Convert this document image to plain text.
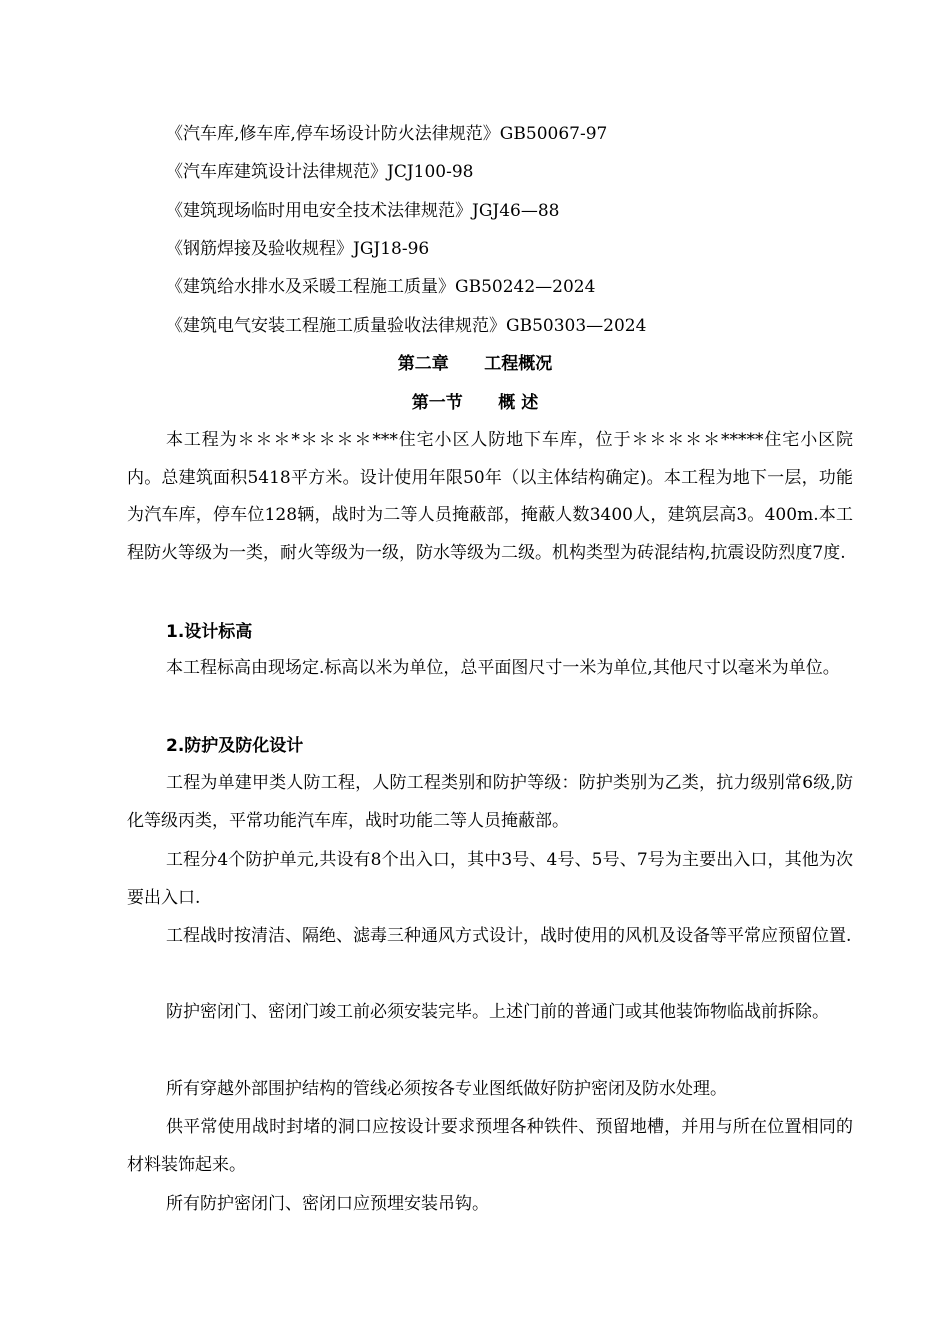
《汽车库,修车库,停车场设计防火法律规范》GB50067-97
《汽车库建筑设计法律规范》JCJ100-98
《建筑现场临时用电安全技术法律规范》JGJ46—88
《钢筋焊接及验收规程》JGJ18-96
《建筑给水排水及采暖工程施工质量》GB50242—2024
《建筑电气安装工程施工质量验收法律规范》GB50303—2024
第二章      工程概况
第一节      概 述

本工程为＊＊＊*＊＊＊＊***住宅小区人防地下车库，位于＊＊＊＊＊*****住宅小区院内。总建筑面积5418平方米。设计使用年限50年（以主体结构确定)。本工程为地下一层，功能为汽车库，停车位128辆，战时为二等人员掩蔽部，掩蔽人数3400人，建筑层高3。400m.本工程防火等级为一类，耐火等级为一级，防水等级为二级。机构类型为砖混结构,抗震设防烈度7度.

1.设计标高

本工程标高由现场定.标高以米为单位，总平面图尺寸一米为单位,其他尺寸以毫米为单位。

2.防护及防化设计

工程为单建甲类人防工程，人防工程类别和防护等级：防护类别为乙类，抗力级别常6级,防化等级丙类，平常功能汽车库，战时功能二等人员掩蔽部。

工程分4个防护单元,共设有8个出入口，其中3号、4号、5号、7号为主要出入口，其他为次要出入口.

工程战时按清洁、隔绝、滤毒三种通风方式设计，战时使用的风机及设备等平常应预留位置.

防护密闭门、密闭门竣工前必须安装完毕。上述门前的普通门或其他装饰物临战前拆除。

所有穿越外部围护结构的管线必须按各专业图纸做好防护密闭及防水处理。

供平常使用战时封堵的洞口应按设计要求预埋各种铁件、预留地槽，并用与所在位置相同的材料装饰起来。

所有防护密闭门、密闭口应预埋安装吊钩。
